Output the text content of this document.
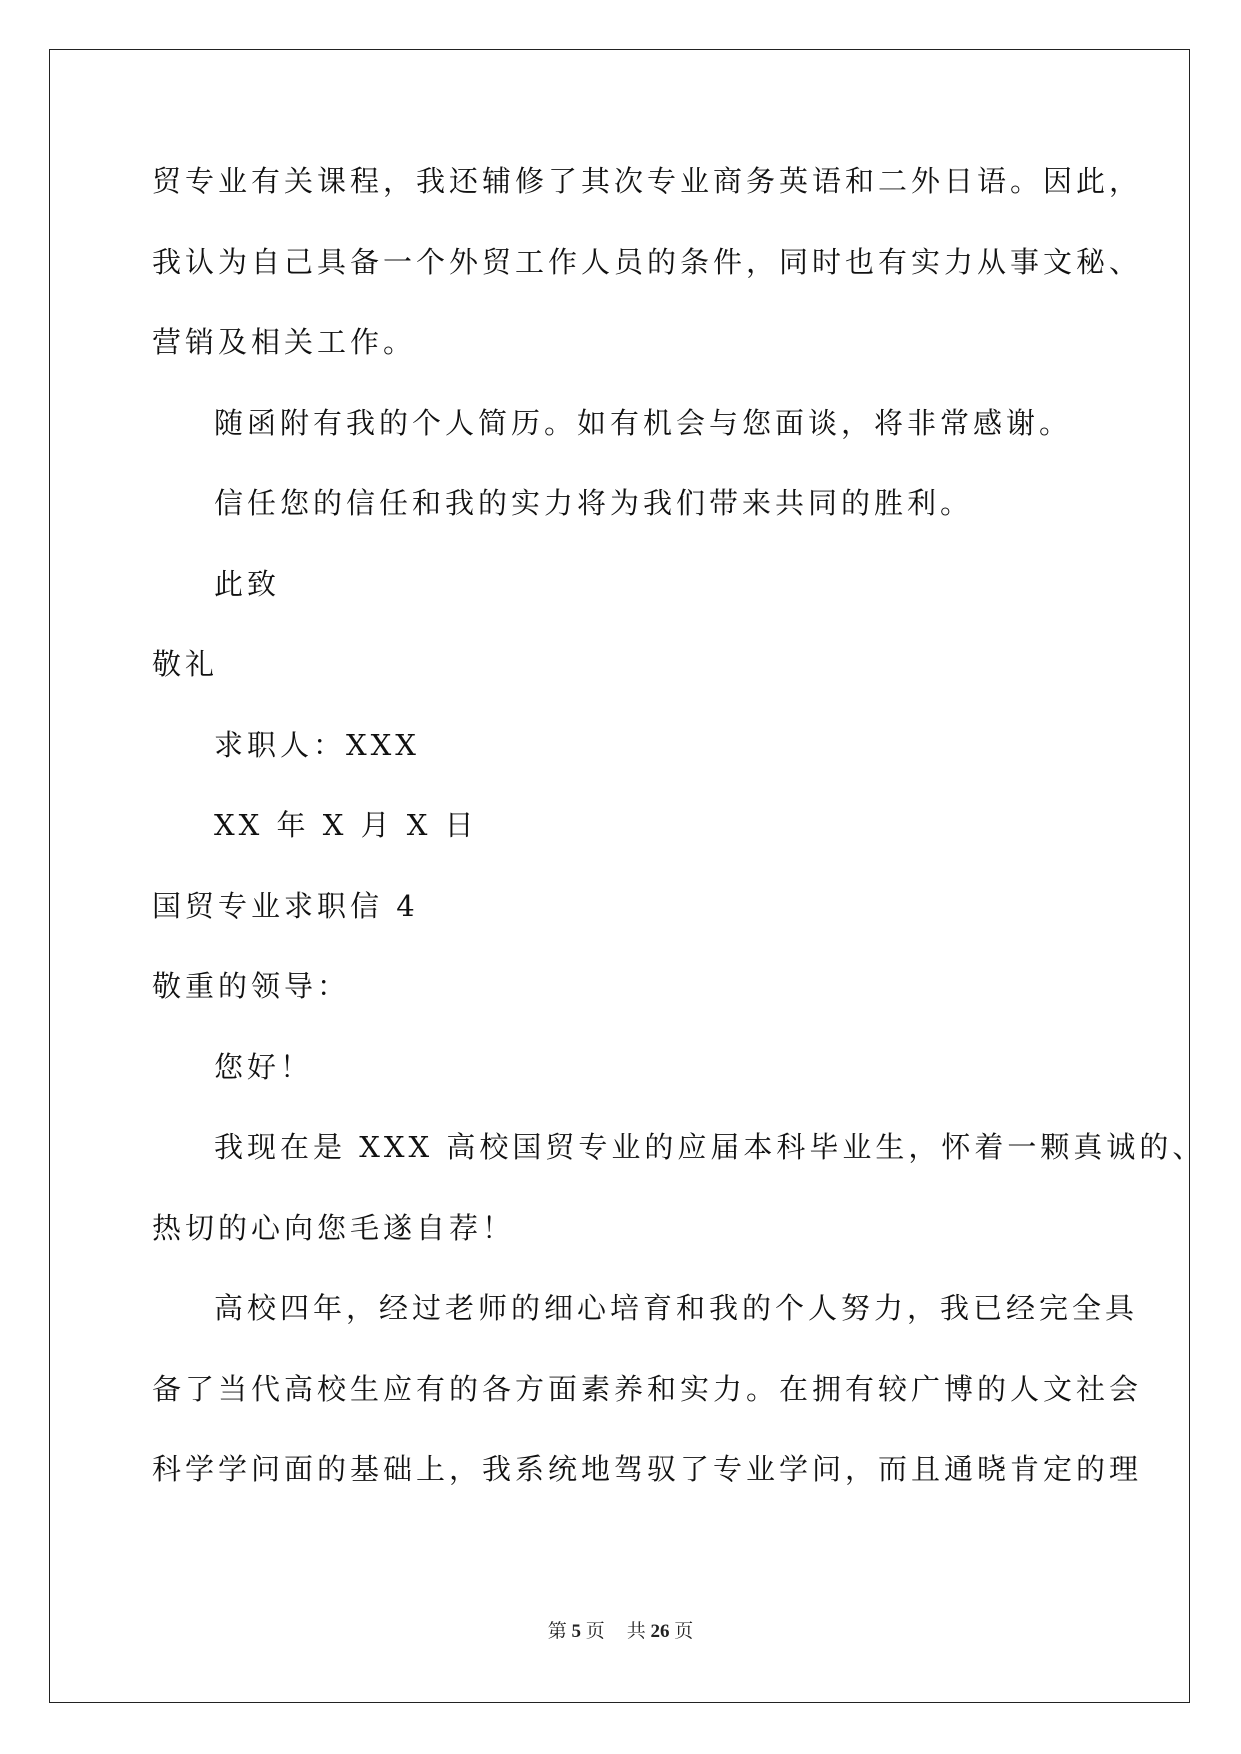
贸专业有关课程，我还辅修了其次专业商务英语和二外日语。因此，
我认为自己具备一个外贸工作人员的条件，同时也有实力从事文秘、
营销及相关工作。
随函附有我的个人简历。如有机会与您面谈，将非常感谢。
信任您的信任和我的实力将为我们带来共同的胜利。
此致
敬礼
求职人：XXX
XX 年 X 月 X 日
国贸专业求职信 4
敬重的领导：
您好！
我现在是 XXX 高校国贸专业的应届本科毕业生，怀着一颗真诚的、
热切的心向您毛遂自荐！
高校四年，经过老师的细心培育和我的个人努力，我已经完全具
备了当代高校生应有的各方面素养和实力。在拥有较广博的人文社会
科学学问面的基础上，我系统地驾驭了专业学问，而且通晓肯定的理
第 5 页 共 26 页
